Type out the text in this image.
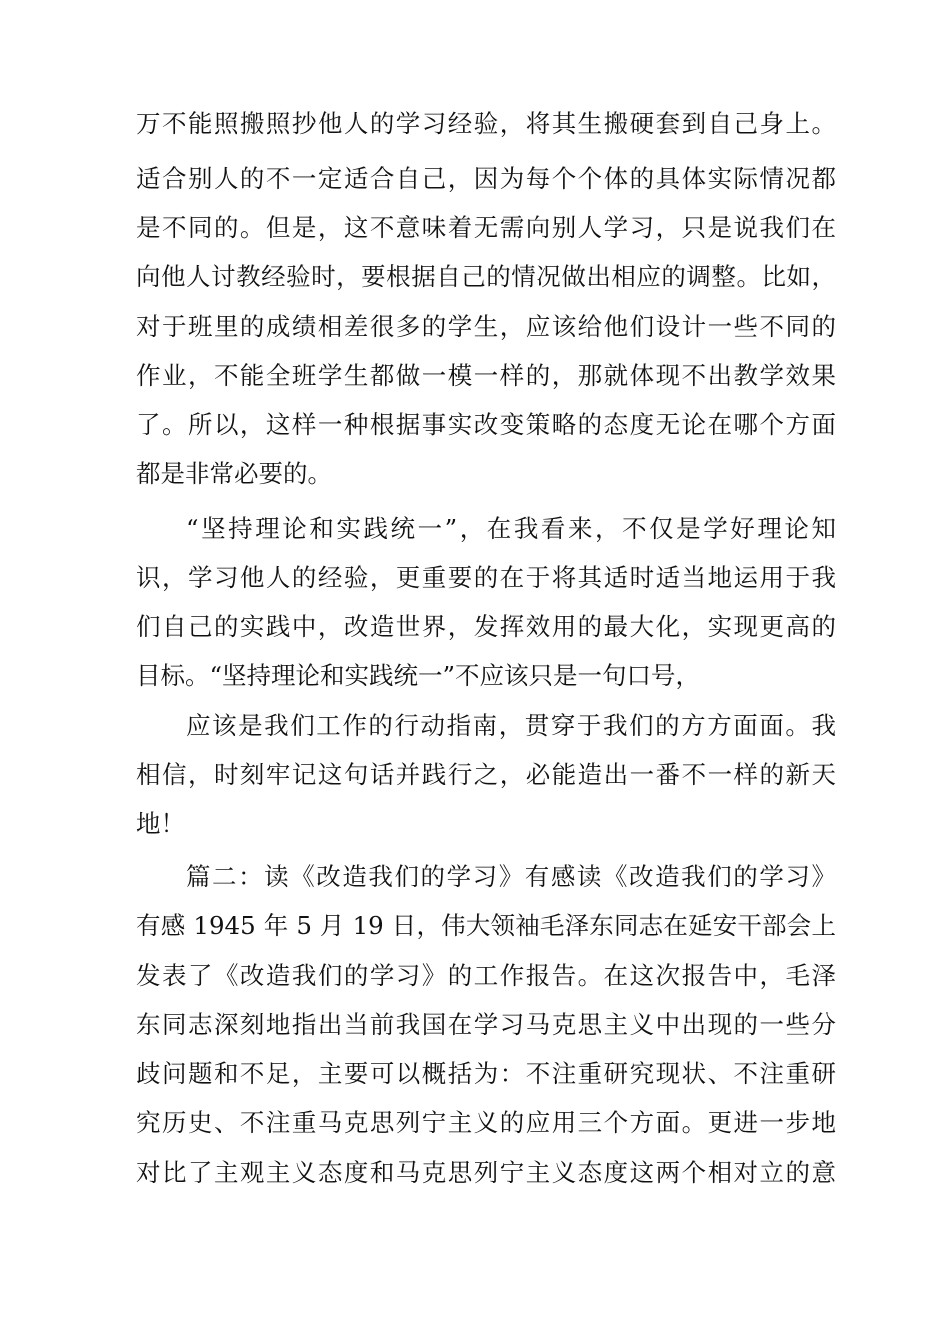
万不能照搬照抄他人的学习经验，将其生搬硬套到自己身上。
适合别人的不一定适合自己，因为每个个体的具体实际情况都
是不同的。但是，这不意味着无需向别人学习，只是说我们在
向他人讨教经验时，要根据自己的情况做出相应的调整。比如，
对于班里的成绩相差很多的学生，应该给他们设计一些不同的
作业，不能全班学生都做一模一样的，那就体现不出教学效果
了。所以，这样一种根据事实改变策略的态度无论在哪个方面
都是非常必要的。
“坚持理论和实践统一”，在我看来，不仅是学好理论知
识，学习他人的经验，更重要的在于将其适时适当地运用于我
们自己的实践中，改造世界，发挥效用的最大化，实现更高的
目标。“坚持理论和实践统一”不应该只是一句口号，
应该是我们工作的行动指南，贯穿于我们的方方面面。我
相信，时刻牢记这句话并践行之，必能造出一番不一样的新天
地！
篇二：读《改造我们的学习》有感读《改造我们的学习》
有感 1945 年 5 月 19 日，伟大领袖毛泽东同志在延安干部会上
发表了《改造我们的学习》的工作报告。在这次报告中，毛泽
东同志深刻地指出当前我国在学习马克思主义中出现的一些分
歧问题和不足，主要可以概括为：不注重研究现状、不注重研
究历史、不注重马克思列宁主义的应用三个方面。更进一步地
对比了主观主义态度和马克思列宁主义态度这两个相对立的意
